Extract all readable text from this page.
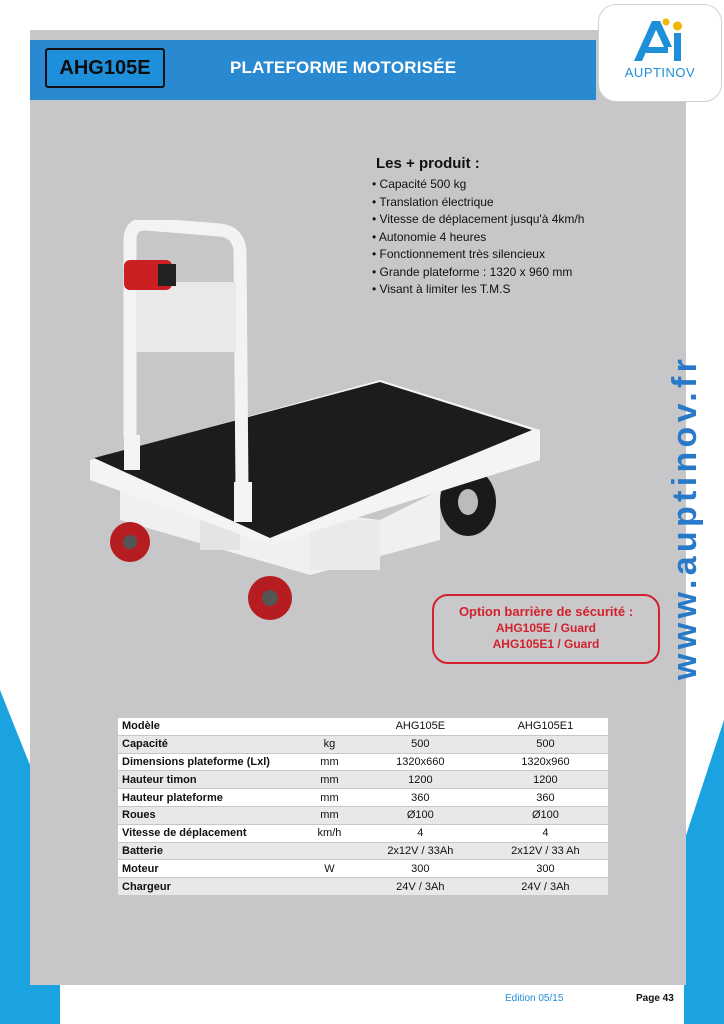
AHG105E	PLATEFORME MOTORISÉE	AUPTINOV
Les + produit :
• Capacité 500 kg
• Translation électrique
• Vitesse de déplacement jusqu'à 4km/h
• Autonomie 4 heures
• Fonctionnement très silencieux
• Grande plateforme : 1320 x 960 mm
• Visant à limiter les T.M.S
Option barrière de sécurité :
AHG105E / Guard
AHG105E1 / Guard	www.auptinov.fr
Modèle		AHG105E	AHG105E1
Capacité	kg	500	500
Dimensions plateforme (Lxl)	mm	1320x660	1320x960
Hauteur timon	mm	1200	1200
Hauteur plateforme	mm	360	360
Roues	mm	Ø100	Ø100
Vitesse de déplacement	km/h	4	4
Batterie		2x12V / 33Ah	2x12V / 33 Ah
Moteur	W	300	300
Chargeur		24V / 3Ah	24V / 3Ah
Edition 05/15	Page 43
